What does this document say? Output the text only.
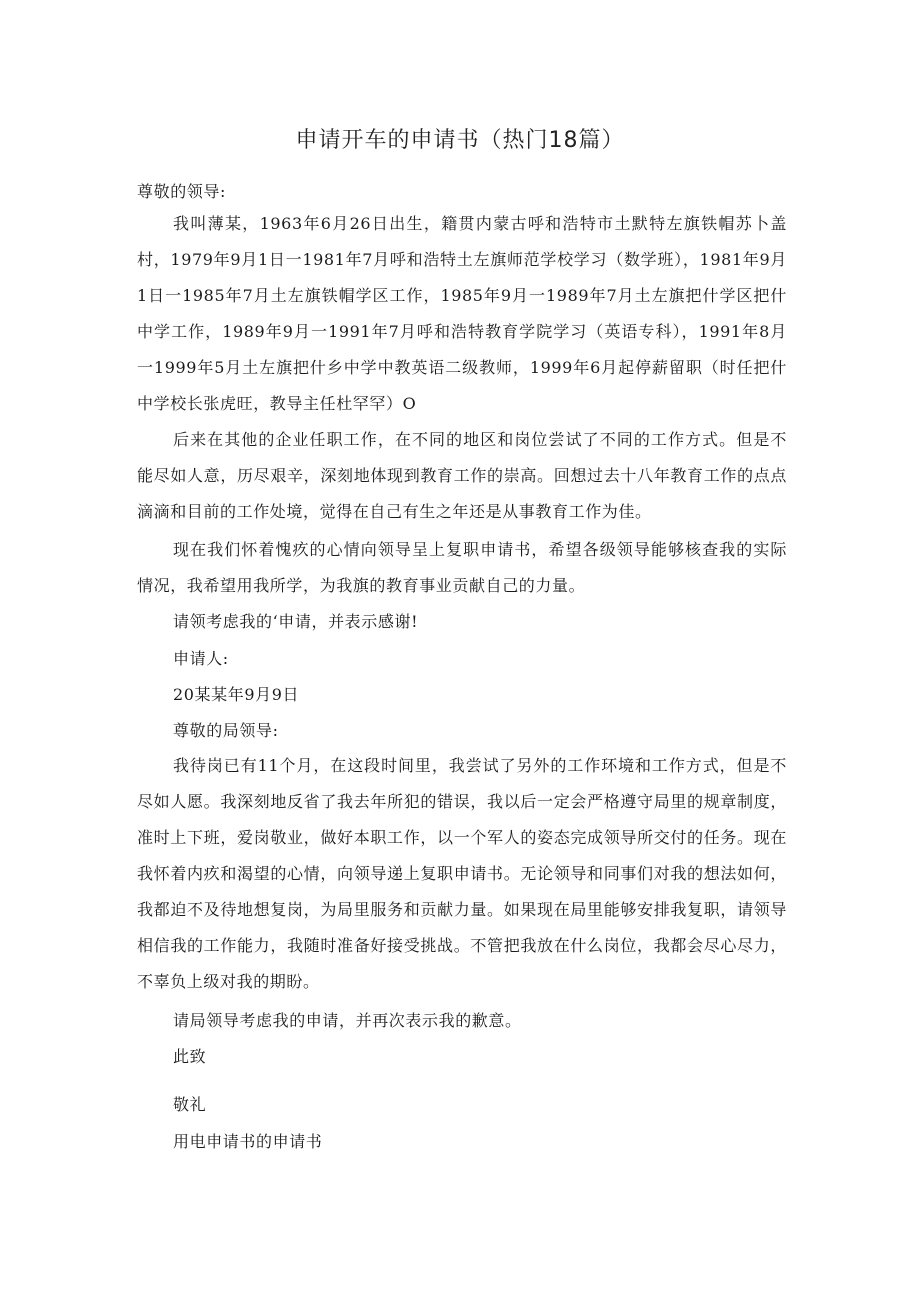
申请开车的申请书（热门18篇）

尊敬的领导:

我叫薄某，1963年6月26日出生，籍贯内蒙古呼和浩特市土默特左旗铁帽苏卜盖村，1979年9月1日一1981年7月呼和浩特土左旗师范学校学习（数学班），1981年9月1日一1985年7月土左旗铁帽学区工作，1985年9月一1989年7月土左旗把什学区把什中学工作，1989年9月一1991年7月呼和浩特教育学院学习（英语专科），1991年8月一1999年5月土左旗把什乡中学中教英语二级教师，1999年6月起停薪留职（时任把什中学校长张虎旺，教导主任杜罕罕）O

后来在其他的企业任职工作，在不同的地区和岗位尝试了不同的工作方式。但是不能尽如人意，历尽艰辛，深刻地体现到教育工作的崇高。回想过去十八年教育工作的点点滴滴和目前的工作处境，觉得在自己有生之年还是从事教育工作为佳。

现在我们怀着愧疚的心情向领导呈上复职申请书，希望各级领导能够核查我的实际情况，我希望用我所学，为我旗的教育事业贡献自己的力量。

请领考虑我的‘申请，并表示感谢!

申请人:

20某某年9月9日

尊敬的局领导:

我待岗已有11个月，在这段时间里，我尝试了另外的工作环境和工作方式，但是不尽如人愿。我深刻地反省了我去年所犯的错误，我以后一定会严格遵守局里的规章制度，准时上下班，爱岗敬业，做好本职工作，以一个军人的姿态完成领导所交付的任务。现在我怀着内疚和渴望的心情，向领导递上复职申请书。无论领导和同事们对我的想法如何，我都迫不及待地想复岗，为局里服务和贡献力量。如果现在局里能够安排我复职，请领导相信我的工作能力，我随时准备好接受挑战。不管把我放在什么岗位，我都会尽心尽力，不辜负上级对我的期盼。

请局领导考虑我的申请，并再次表示我的歉意。

此致

敬礼

用电申请书的申请书
